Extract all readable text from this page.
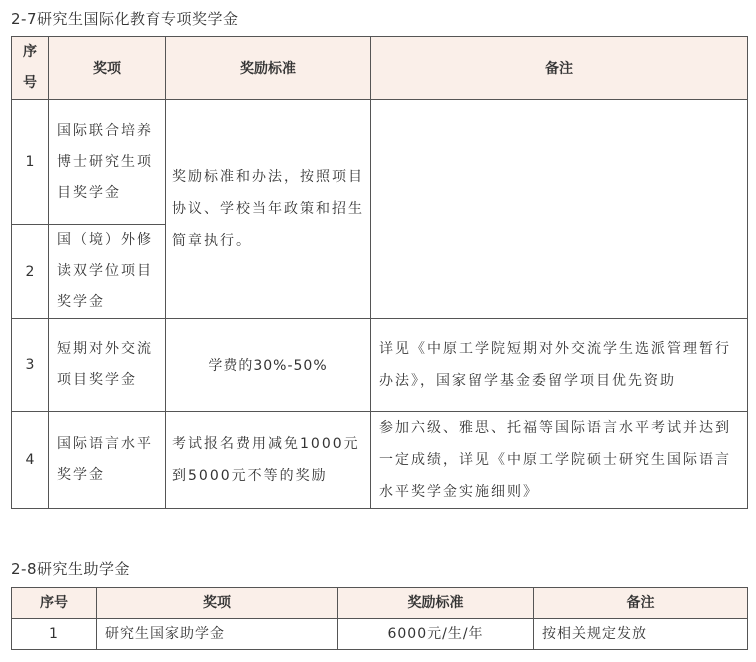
2-7研究生国际化教育专项奖学金
序
号	奖项	奖励标准	备注
1	国际联合培养博士研究生项目奖学金	奖励标准和办法，按照项目协议、学校当年政策和招生简章执行。	
2	国（境）外修读双学位项目奖学金		
3	短期对外交流项目奖学金	学费的30%-50%	详见《中原工学院短期对外交流学生选派管理暂行办法》，国家留学基金委留学项目优先资助
4	国际语言水平奖学金	考试报名费用减免1000元到5000元不等的奖励	参加六级、雅思、托福等国际语言水平考试并达到一定成绩，详见《中原工学院硕士研究生国际语言水平奖学金实施细则》
2-8研究生助学金
序号	奖项	奖励标准	备注
1	研究生国家助学金	6000元/生/年	按相关规定发放
